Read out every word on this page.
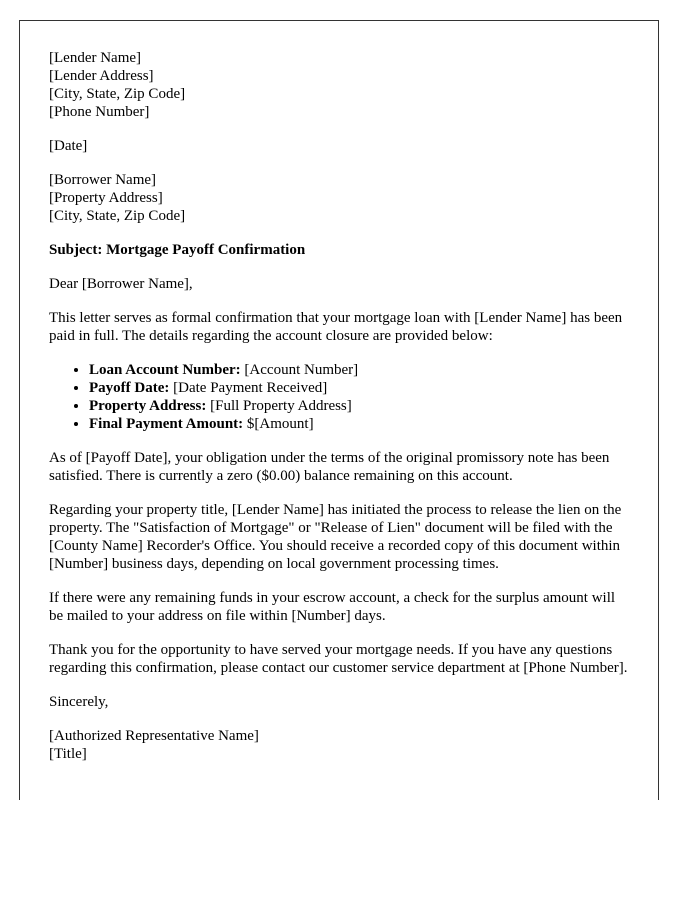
[Lender Name]
[Lender Address]
[City, State, Zip Code]
[Phone Number]

[Date]

[Borrower Name]
[Property Address]
[City, State, Zip Code]

Subject: Mortgage Payoff Confirmation

Dear [Borrower Name],

This letter serves as formal confirmation that your mortgage loan with [Lender Name] has been paid in full. The details regarding the account closure are provided below:

• Loan Account Number: [Account Number]
• Payoff Date: [Date Payment Received]
• Property Address: [Full Property Address]
• Final Payment Amount: $[Amount]

As of [Payoff Date], your obligation under the terms of the original promissory note has been satisfied. There is currently a zero ($0.00) balance remaining on this account.

Regarding your property title, [Lender Name] has initiated the process to release the lien on the property. The "Satisfaction of Mortgage" or "Release of Lien" document will be filed with the [County Name] Recorder's Office. You should receive a recorded copy of this document within [Number] business days, depending on local government processing times.

If there were any remaining funds in your escrow account, a check for the surplus amount will be mailed to your address on file within [Number] days.

Thank you for the opportunity to have served your mortgage needs. If you have any questions regarding this confirmation, please contact our customer service department at [Phone Number].

Sincerely,

[Authorized Representative Name]
[Title]
